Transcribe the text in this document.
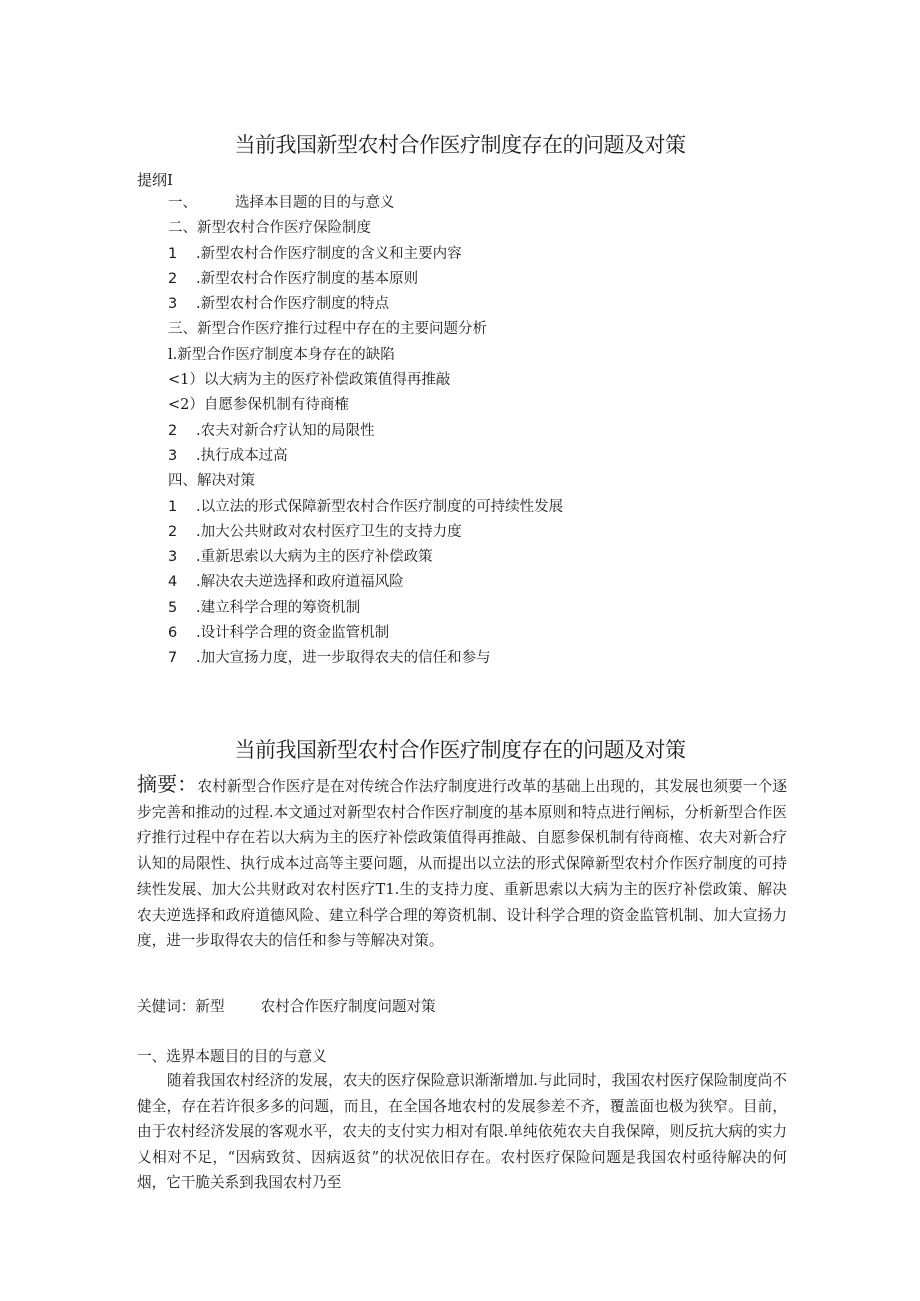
当前我国新型农村合作医疗制度存在的问题及对策
提纲I
一、	选择本目题的目的与意义
二、新型农村合作医疗保险制度
1 .新型农村合作医疗制度的含义和主要内容
2 .新型农村合作医疗制度的基本原则
3 .新型农村合作医疗制度的特点
三、新型合作医疗推行过程中存在的主要问题分析
l.新型合作医疗制度本身存在的缺陷
<1）以大病为主的医疗补偿政策值得再推敲
<2）自愿参保机制有待商榷
2 .农夫对新合疗认知的局限性
3 .执行成本过高
四、解决对策
1 .以立法的形式保障新型农村合作医疗制度的可持续性发展
2 .加大公共财政对农村医疗卫生的支持力度
3 .重新思索以大病为主的医疗补偿政策
4 .解决农夫逆选择和政府道福风险
5 .建立科学合理的筹资机制
6 .设计科学合理的资金监管机制
7 .加大宣扬力度，进一步取得农夫的信任和参与
当前我国新型农村合作医疗制度存在的问题及对策
摘要：农村新型合作医疗是在对传统合作法疗制度进行改革的基础上出现的，其发展也须要一个逐步完善和推动的过程.本文通过对新型农村合作医疗制度的基本原则和特点进行阐标，分析新型合作医疗推行过程中存在若以大病为主的医疗补偿政策值得再推敲、自愿参保机制有待商榷、农夫对新合疗认知的局限性、执行成本过高等主要问题，从而提出以立法的形式保障新型农村介作医疗制度的可持续性发展、加大公共财政对农村医疗T1.生的支持力度、重新思索以大病为主的医疗补偿政策、解决农夫逆选择和政府道德风险、建立科学合理的筹资机制、设计科学合理的资金监管机制、加大宣扬力度，进一步取得农夫的信任和参与等解决对策。
关健词：新型 农村合作医疗制度问题对策
一、选界本题目的目的与意义
随着我国农村经济的发展，农夫的医疗保险意识渐渐增加.与此同时，我国农村医疗保险制度尚不健全，存在若许很多多的问题，而且，在全国各地农村的发展参差不齐，覆盖面也极为狭窄。目前，由于农村经济发展的客观水平，农夫的支付实力相对有限.单纯依苑农夫自我保障，则反抗大病的实力乂相对不足，“因病致贫、因病返贫”的状况依旧存在。农村医疗保险问题是我国农村亟待解决的何烟，它干脆关系到我国农村乃至
